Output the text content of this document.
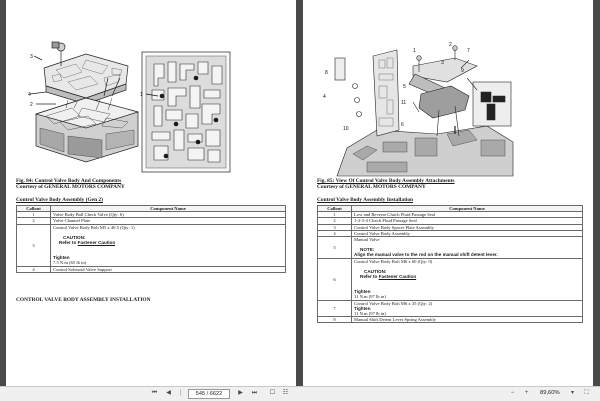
1
2
3
4
Fig. 84: Control Valve Body And Components
Courtesy of GENERAL MOTORS COMPANY
Control Valve Body Assembly (Gen 2)
Callout	Component Name
1	Valve Body Ball Check Valve (Qty: 6)
2	Valve Channel Plate
3	Control Valve Body Bolt M5 x 40.5 (Qty: 1)
CAUTION:
Refer to Fastener Caution
Tighten
7.5 N.m (65 lb in)

4	Control Solenoid Valve Support
CONTROL VALVE BODY ASSEMBLY INSTALLATION
1
2
3
4
5
6
7
8	9
10
11
Fig. 85: View Of Control Valve Body Assembly Attachments
Courtesy of GENERAL MOTORS COMPANY
Control Valve Body Assembly Installation
Callout	Component Name
1	Low and Reverse Clutch Fluid Passage Seal
2	1-2-3-4 Clutch Fluid Passage Seal
3	Control Valve Body Spacer Plate Assembly
4	Control Valve Body Assembly
5	Manual Valve
NOTE:
Align the manual valve to the rod on the manual shift detent lever.

6	Control Valve Body Bolt M6 x 60 (Qty: 9)
CAUTION:
Refer to Fastener Caution
Tighten
11 N.m (97 lb in)

7	Control Valve Body Bolt M6 x 35 (Qty: 2)
Tighten
11 N.m (97 lb in)

8	Manual Shift Detent Lever Spring Assembly
⏮	◀	|	545 / 6622	▶	⏭ ☐	☷	−	+	89,60%	▾	⛶
